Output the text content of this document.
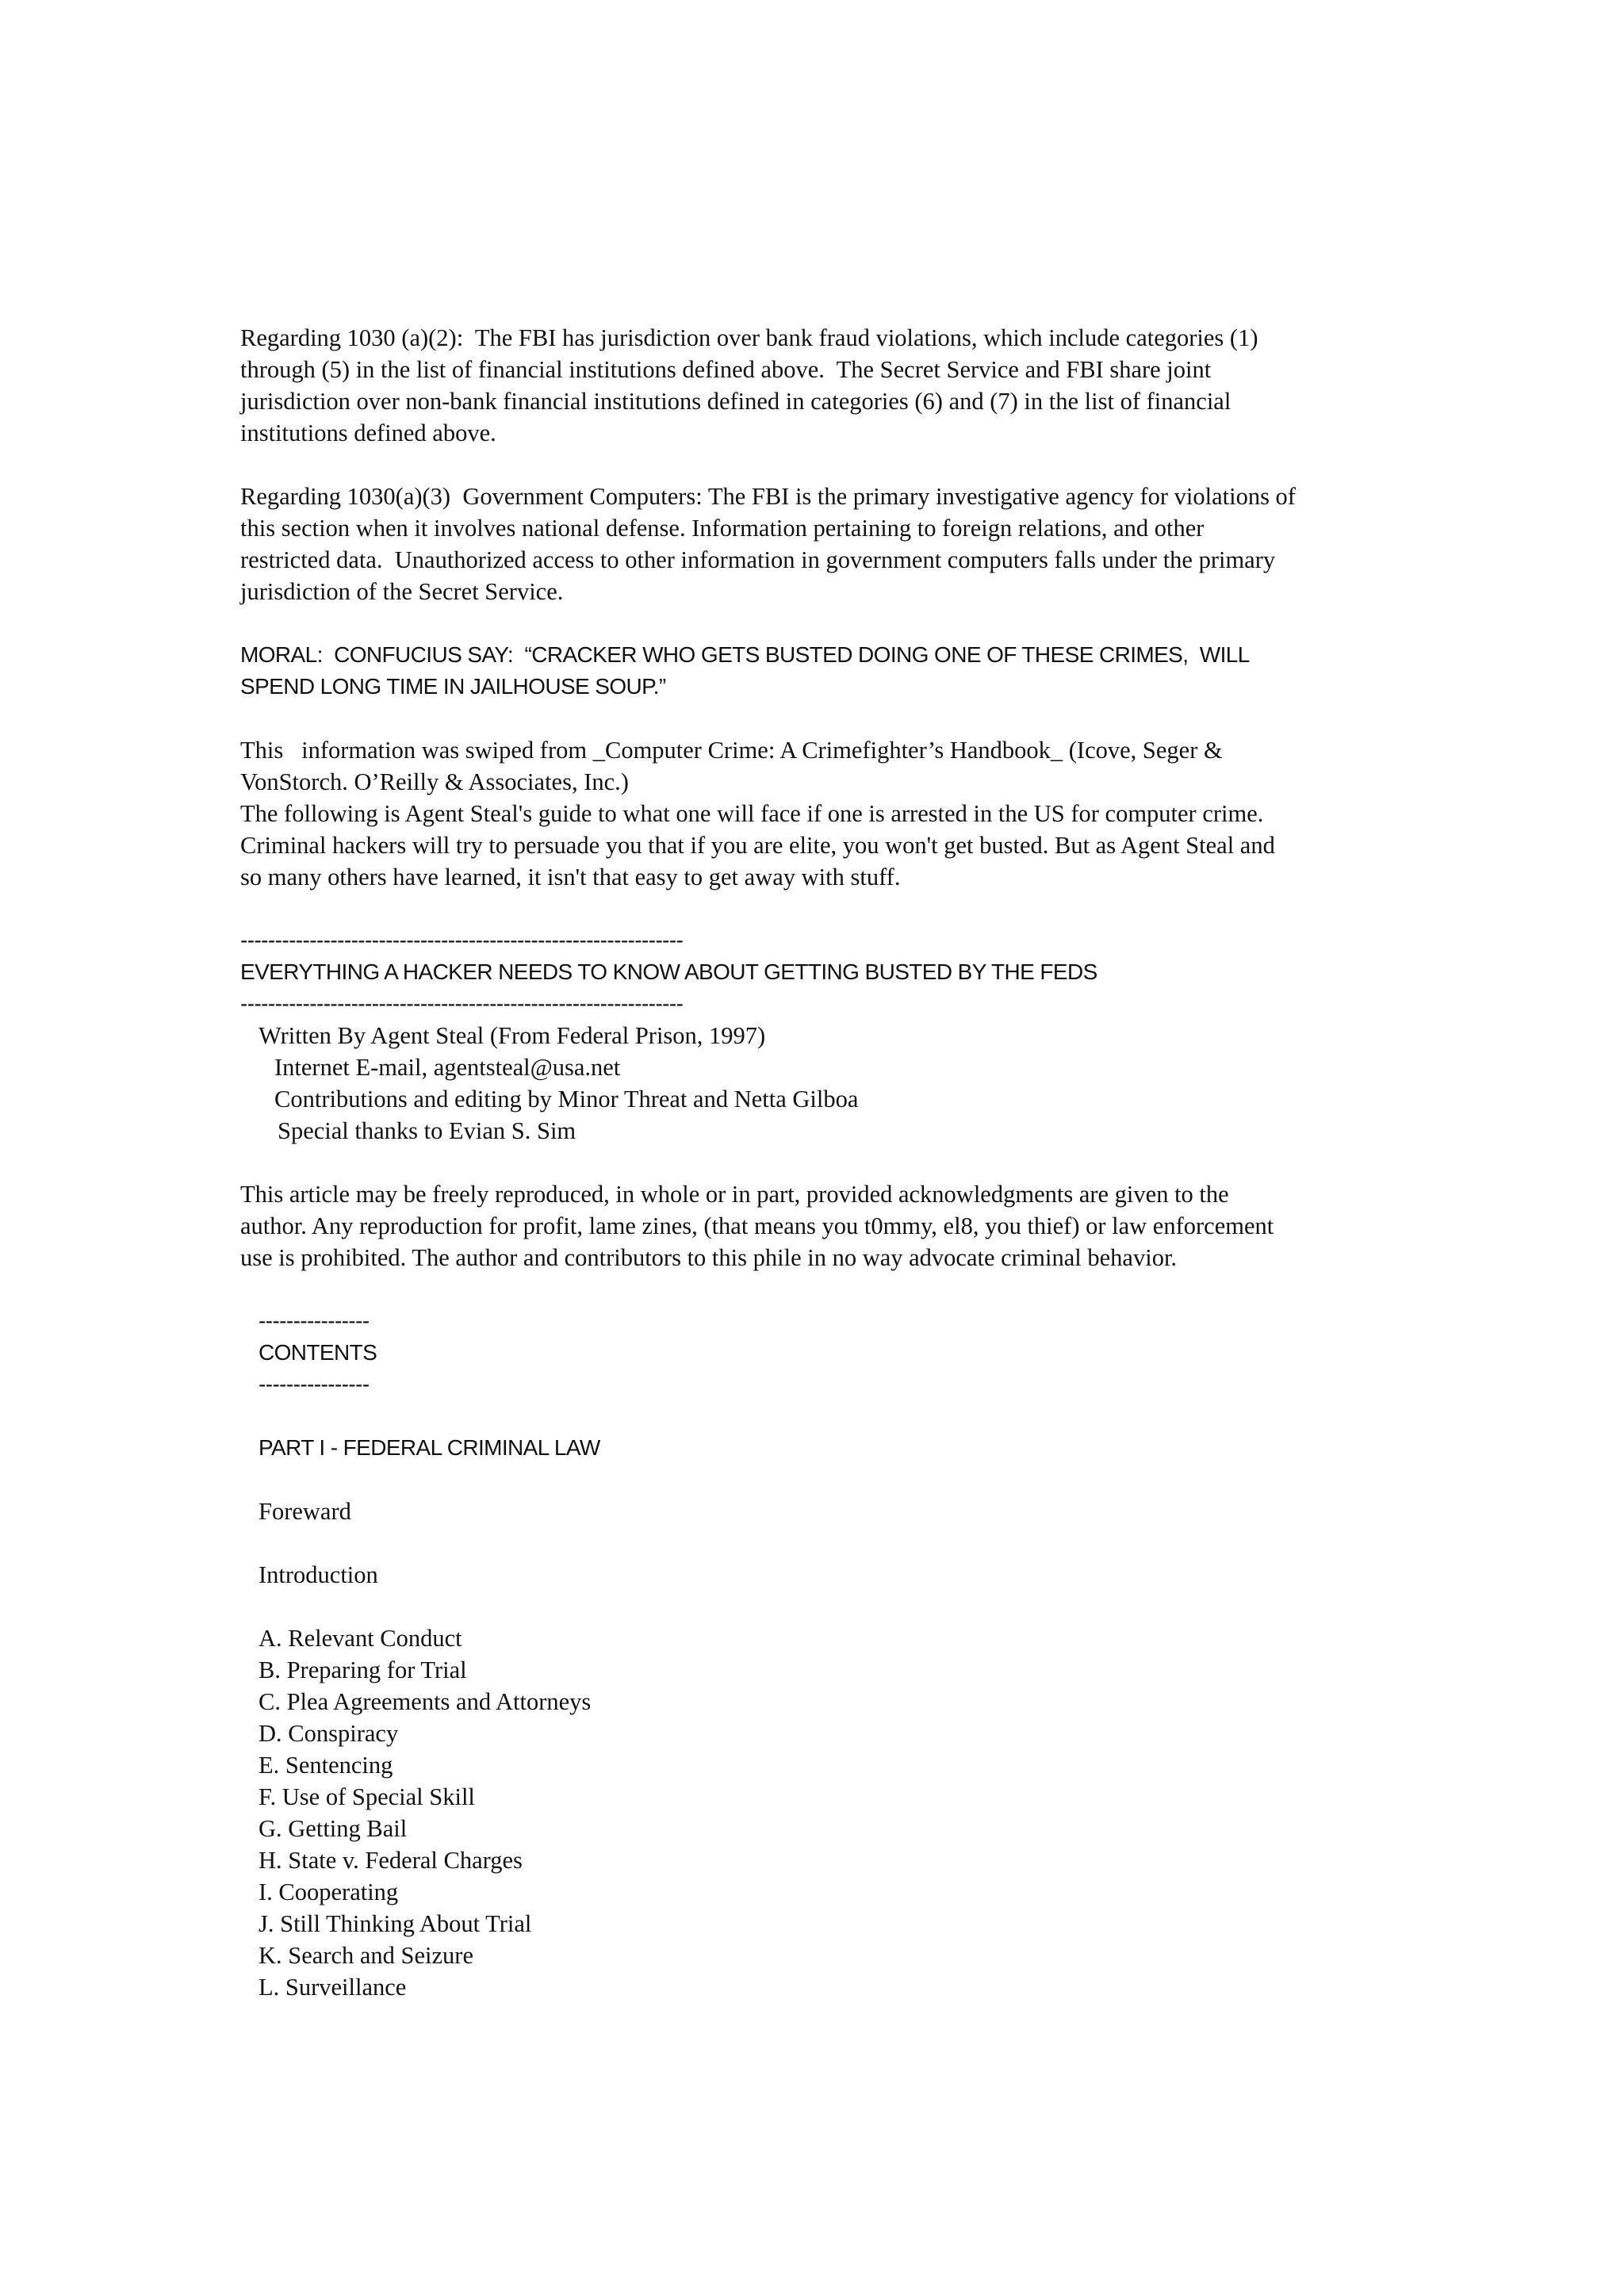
Regarding 1030 (a)(2):  The FBI has jurisdiction over bank fraud violations, which include categories (1)

through (5) in the list of financial institutions defined above.  The Secret Service and FBI share joint

jurisdiction over non-bank financial institutions defined in categories (6) and (7) in the list of financial

institutions defined above.

Regarding 1030(a)(3)  Government Computers: The FBI is the primary investigative agency for violations of

this section when it involves national defense. Information pertaining to foreign relations, and other

restricted data.  Unauthorized access to other information in government computers falls under the primary

jurisdiction of the Secret Service.

MORAL:  CONFUCIUS SAY:  “CRACKER WHO GETS BUSTED DOING ONE OF THESE CRIMES,  WILL

SPEND LONG TIME IN JAILHOUSE SOUP.”

This   information was swiped from _Computer Crime: A Crimefighter’s Handbook_ (Icove, Seger &

VonStorch. O’Reilly & Associates, Inc.)

The following is Agent Steal's guide to what one will face if one is arrested in the US for computer crime.

Criminal hackers will try to persuade you that if you are elite, you won't get busted. But as Agent Steal and

so many others have learned, it isn't that easy to get away with stuff.

----------------------------------------------------------------

EVERYTHING A HACKER NEEDS TO KNOW ABOUT GETTING BUSTED BY THE FEDS

----------------------------------------------------------------

Written By Agent Steal (From Federal Prison, 1997)

Internet E-mail, agentsteal@usa.net

Contributions and editing by Minor Threat and Netta Gilboa

Special thanks to Evian S. Sim

This article may be freely reproduced, in whole or in part, provided acknowledgments are given to the

author. Any reproduction for profit, lame zines, (that means you t0mmy, el8, you thief) or law enforcement

use is prohibited. The author and contributors to this phile in no way advocate criminal behavior.

----------------

CONTENTS

----------------

PART I - FEDERAL CRIMINAL LAW

Foreward

Introduction

A. Relevant Conduct

B. Preparing for Trial

C. Plea Agreements and Attorneys

D. Conspiracy

E. Sentencing

F. Use of Special Skill

G. Getting Bail

H. State v. Federal Charges

I. Cooperating

J. Still Thinking About Trial

K. Search and Seizure

L. Surveillance
